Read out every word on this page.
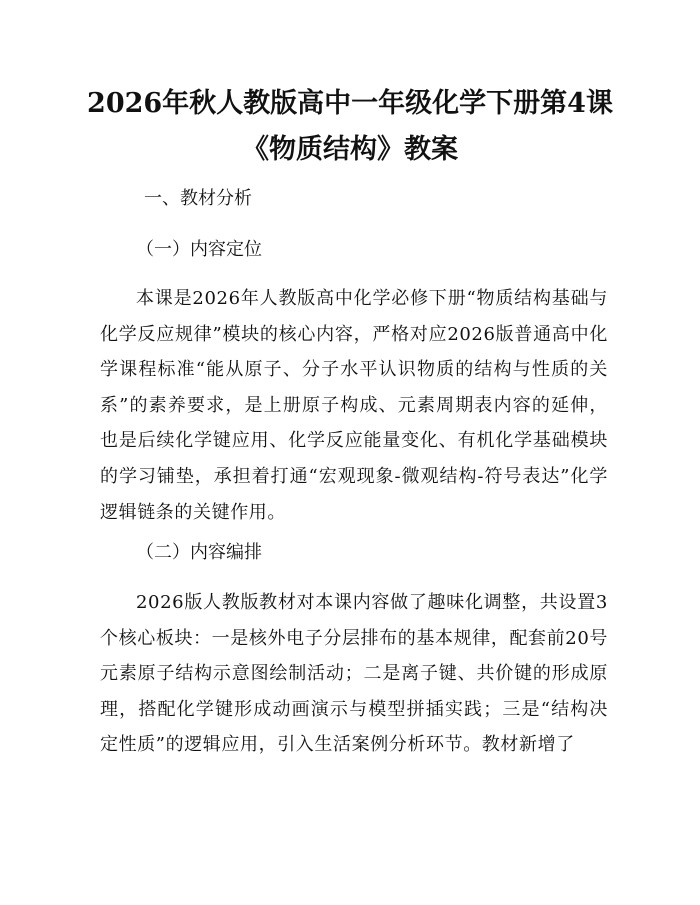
2026年秋人教版高中一年级化学下册第4课
《物质结构》教案
一、教材分析
（一）内容定位
本课是2026年人教版高中化学必修下册“物质结构基础与化学反应规律”模块的核心内容，严格对应2026版普通高中化学课程标准“能从原子、分子水平认识物质的结构与性质的关系”的素养要求，是上册原子构成、元素周期表内容的延伸，也是后续化学键应用、化学反应能量变化、有机化学基础模块的学习铺垫，承担着打通“宏观现象-微观结构-符号表达”化学逻辑链条的关键作用。
（二）内容编排
2026版人教版教材对本课内容做了趣味化调整，共设置3个核心板块：一是核外电子分层排布的基本规律，配套前20号元素原子结构示意图绘制活动；二是离子键、共价键的形成原理，搭配化学键形成动画演示与模型拼插实践；三是“结构决定性质”的逻辑应用，引入生活案例分析环节。教材新增了
